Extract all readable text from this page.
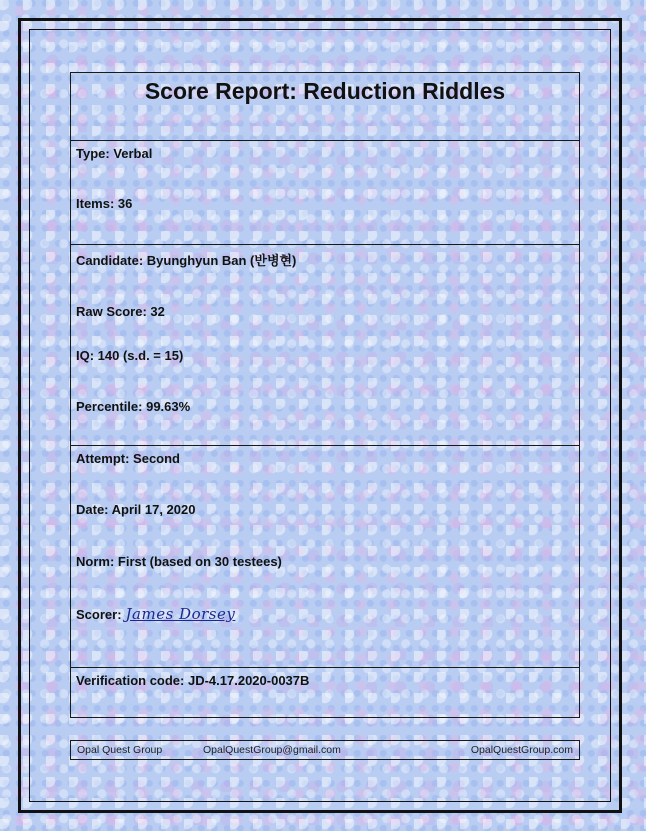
Score Report: Reduction Riddles
Type: Verbal
Items: 36
Candidate: Byunghyun Ban (반병현)
Raw Score: 32
IQ: 140 (s.d. = 15)
Percentile: 99.63%
Attempt: Second
Date: April 17, 2020
Norm: First (based on 30 testees)
Scorer: James Dorsey
Verification code: JD-4.17.2020-0037B
Opal Quest Group	OpalQuestGroup@gmail.com	OpalQuestGroup.com
